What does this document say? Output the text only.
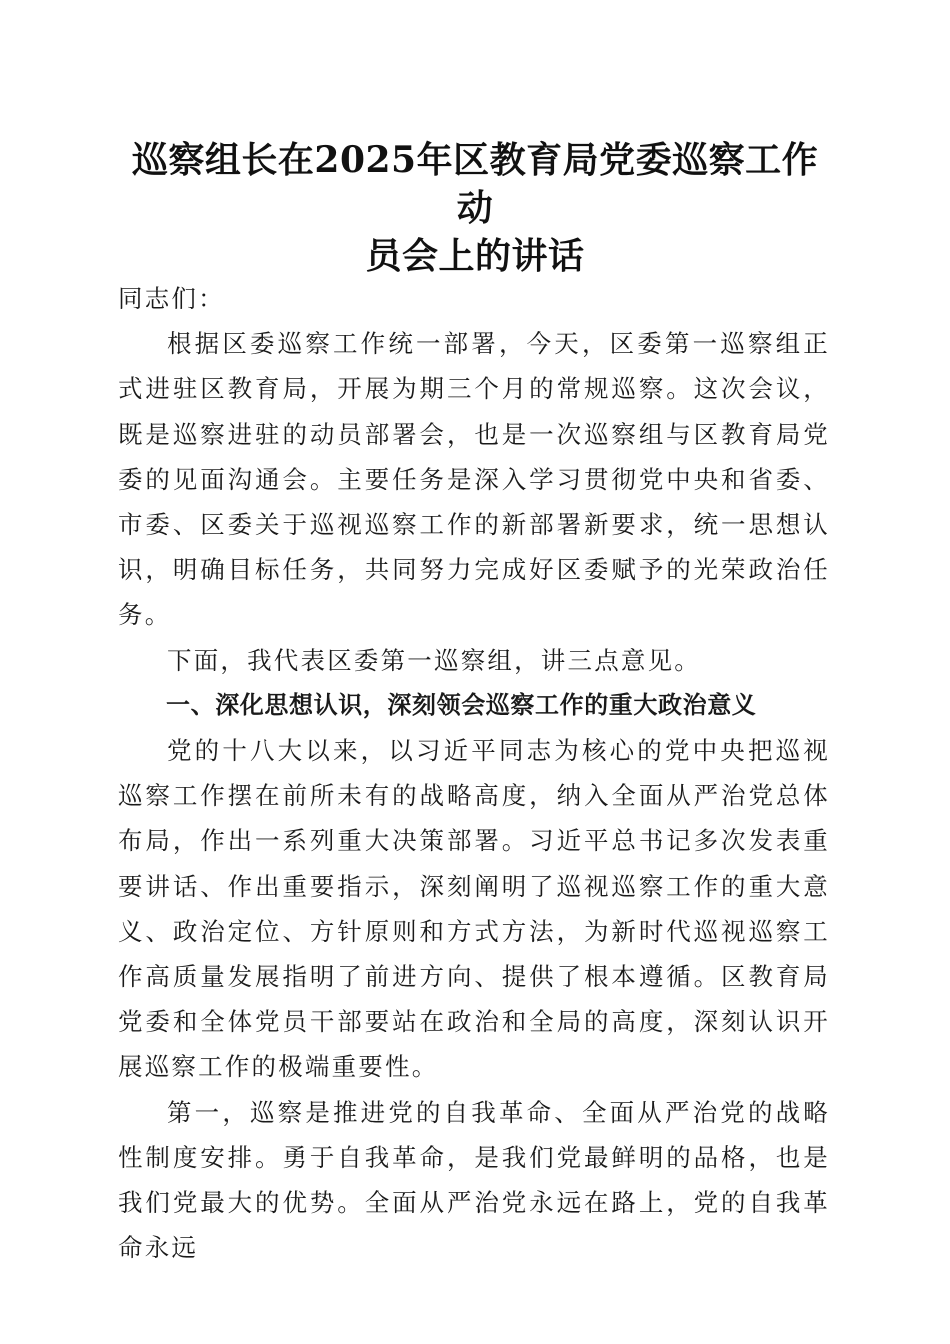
巡察组长在2025年区教育局党委巡察工作动
员会上的讲话

同志们：

根据区委巡察工作统一部署，今天，区委第一巡察组正式进驻区教育局，开展为期三个月的常规巡察。这次会议，既是巡察进驻的动员部署会，也是一次巡察组与区教育局党委的见面沟通会。主要任务是深入学习贯彻党中央和省委、市委、区委关于巡视巡察工作的新部署新要求，统一思想认识，明确目标任务，共同努力完成好区委赋予的光荣政治任务。

下面，我代表区委第一巡察组，讲三点意见。

一、深化思想认识，深刻领会巡察工作的重大政治意义

党的十八大以来，以习近平同志为核心的党中央把巡视巡察工作摆在前所未有的战略高度，纳入全面从严治党总体布局，作出一系列重大决策部署。习近平总书记多次发表重要讲话、作出重要指示，深刻阐明了巡视巡察工作的重大意义、政治定位、方针原则和方式方法，为新时代巡视巡察工作高质量发展指明了前进方向、提供了根本遵循。区教育局党委和全体党员干部要站在政治和全局的高度，深刻认识开展巡察工作的极端重要性。

第一，巡察是推进党的自我革命、全面从严治党的战略性制度安排。勇于自我革命，是我们党最鲜明的品格，也是我们党最大的优势。全面从严治党永远在路上，党的自我革命永远
